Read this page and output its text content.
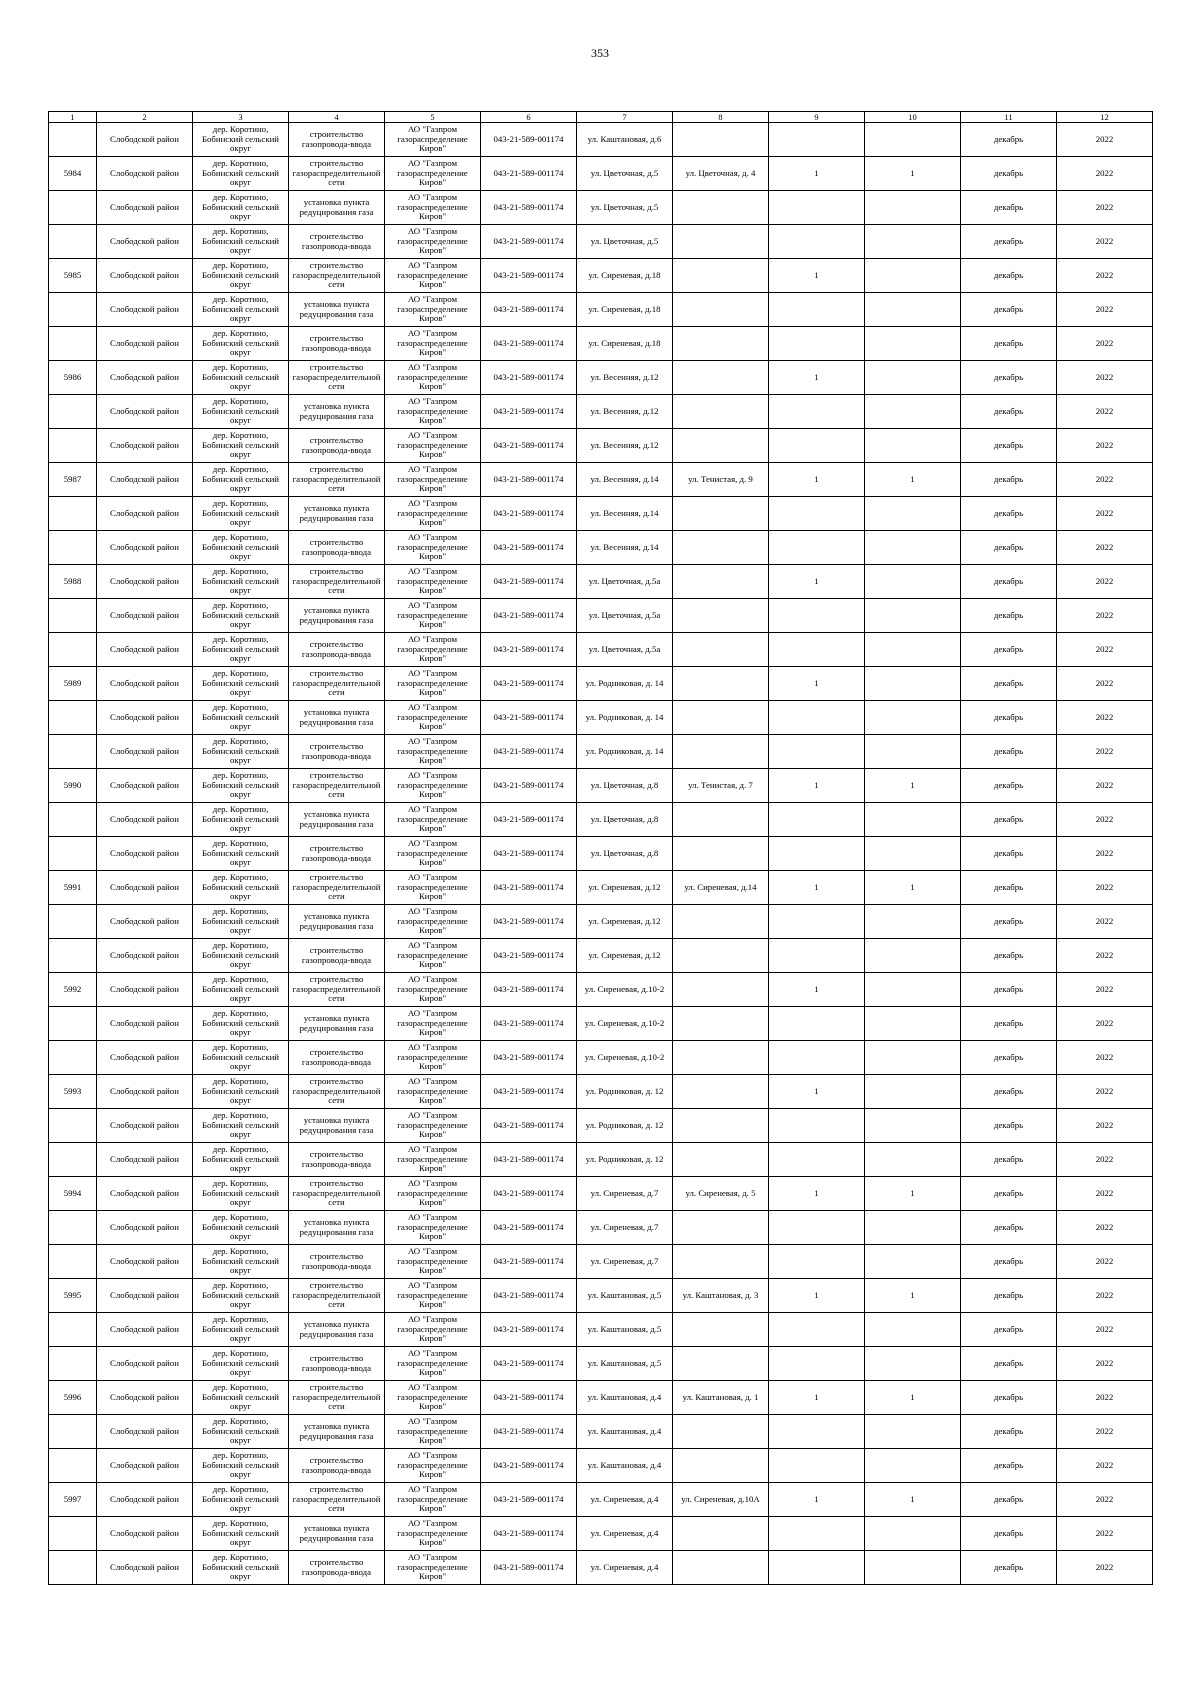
353
1	2	3	4	5	6	7	8	9	10	11	12

	Слободской район	дер. Коротино, Бобинский сельский округ	строительство газопровода-ввода	АО "Газпром газораспределение Киров"	043-21-589-001174	ул. Каштановая, д.6				декабрь	2022

5984	Слободской район	дер. Коротино, Бобинский сельский округ	строительство газораспределительной сети	АО "Газпром газораспределение Киров"	043-21-589-001174	ул. Цветочная, д.5	ул. Цветочная, д. 4	1	1	декабрь	2022

	Слободской район	дер. Коротино, Бобинский сельский округ	установка пункта редуцирования газа	АО "Газпром газораспределение Киров"	043-21-589-001174	ул. Цветочная, д.5				декабрь	2022

	Слободской район	дер. Коротино, Бобинский сельский округ	строительство газопровода-ввода	АО "Газпром газораспределение Киров"	043-21-589-001174	ул. Цветочная, д.5				декабрь	2022

5985	Слободской район	дер. Коротино, Бобинский сельский округ	строительство газораспределительной сети	АО "Газпром газораспределение Киров"	043-21-589-001174	ул. Сиреневая, д.18		1		декабрь	2022

	Слободской район	дер. Коротино, Бобинский сельский округ	установка пункта редуцирования газа	АО "Газпром газораспределение Киров"	043-21-589-001174	ул. Сиреневая, д.18				декабрь	2022

	Слободской район	дер. Коротино, Бобинский сельский округ	строительство газопровода-ввода	АО "Газпром газораспределение Киров"	043-21-589-001174	ул. Сиреневая, д.18				декабрь	2022

5986	Слободской район	дер. Коротино, Бобинский сельский округ	строительство газораспределительной сети	АО "Газпром газораспределение Киров"	043-21-589-001174	ул. Весенняя, д.12		1		декабрь	2022

	Слободской район	дер. Коротино, Бобинский сельский округ	установка пункта редуцирования газа	АО "Газпром газораспределение Киров"	043-21-589-001174	ул. Весенняя, д.12				декабрь	2022

	Слободской район	дер. Коротино, Бобинский сельский округ	строительство газопровода-ввода	АО "Газпром газораспределение Киров"	043-21-589-001174	ул. Весенняя, д.12				декабрь	2022

5987	Слободской район	дер. Коротино, Бобинский сельский округ	строительство газораспределительной сети	АО "Газпром газораспределение Киров"	043-21-589-001174	ул. Весенняя, д.14	ул. Тенистая, д. 9	1	1	декабрь	2022

	Слободской район	дер. Коротино, Бобинский сельский округ	установка пункта редуцирования газа	АО "Газпром газораспределение Киров"	043-21-589-001174	ул. Весенняя, д.14				декабрь	2022

	Слободской район	дер. Коротино, Бобинский сельский округ	строительство газопровода-ввода	АО "Газпром газораспределение Киров"	043-21-589-001174	ул. Весенняя, д.14				декабрь	2022

5988	Слободской район	дер. Коротино, Бобинский сельский округ	строительство газораспределительной сети	АО "Газпром газораспределение Киров"	043-21-589-001174	ул. Цветочная, д.5а		1		декабрь	2022

	Слободской район	дер. Коротино, Бобинский сельский округ	установка пункта редуцирования газа	АО "Газпром газораспределение Киров"	043-21-589-001174	ул. Цветочная, д.5а				декабрь	2022

	Слободской район	дер. Коротино, Бобинский сельский округ	строительство газопровода-ввода	АО "Газпром газораспределение Киров"	043-21-589-001174	ул. Цветочная, д.5а				декабрь	2022

5989	Слободской район	дер. Коротино, Бобинский сельский округ	строительство газораспределительной сети	АО "Газпром газораспределение Киров"	043-21-589-001174	ул. Родниковая, д. 14		1		декабрь	2022

	Слободской район	дер. Коротино, Бобинский сельский округ	установка пункта редуцирования газа	АО "Газпром газораспределение Киров"	043-21-589-001174	ул. Родниковая, д. 14				декабрь	2022

	Слободской район	дер. Коротино, Бобинский сельский округ	строительство газопровода-ввода	АО "Газпром газораспределение Киров"	043-21-589-001174	ул. Родниковая, д. 14				декабрь	2022

5990	Слободской район	дер. Коротино, Бобинский сельский округ	строительство газораспределительной сети	АО "Газпром газораспределение Киров"	043-21-589-001174	ул. Цветочная, д.8	ул. Тенистая, д. 7	1	1	декабрь	2022

	Слободской район	дер. Коротино, Бобинский сельский округ	установка пункта редуцирования газа	АО "Газпром газораспределение Киров"	043-21-589-001174	ул. Цветочная, д.8				декабрь	2022

	Слободской район	дер. Коротино, Бобинский сельский округ	строительство газопровода-ввода	АО "Газпром газораспределение Киров"	043-21-589-001174	ул. Цветочная, д.8				декабрь	2022

5991	Слободской район	дер. Коротино, Бобинский сельский округ	строительство газораспределительной сети	АО "Газпром газораспределение Киров"	043-21-589-001174	ул. Сиреневая, д.12	ул. Сиреневая, д.14	1	1	декабрь	2022

	Слободской район	дер. Коротино, Бобинский сельский округ	установка пункта редуцирования газа	АО "Газпром газораспределение Киров"	043-21-589-001174	ул. Сиреневая, д.12				декабрь	2022

	Слободской район	дер. Коротино, Бобинский сельский округ	строительство газопровода-ввода	АО "Газпром газораспределение Киров"	043-21-589-001174	ул. Сиреневая, д.12				декабрь	2022

5992	Слободской район	дер. Коротино, Бобинский сельский округ	строительство газораспределительной сети	АО "Газпром газораспределение Киров"	043-21-589-001174	ул. Сиреневая, д.10-2		1		декабрь	2022

	Слободской район	дер. Коротино, Бобинский сельский округ	установка пункта редуцирования газа	АО "Газпром газораспределение Киров"	043-21-589-001174	ул. Сиреневая, д.10-2				декабрь	2022

	Слободской район	дер. Коротино, Бобинский сельский округ	строительство газопровода-ввода	АО "Газпром газораспределение Киров"	043-21-589-001174	ул. Сиреневая, д.10-2				декабрь	2022

5993	Слободской район	дер. Коротино, Бобинский сельский округ	строительство газораспределительной сети	АО "Газпром газораспределение Киров"	043-21-589-001174	ул. Родниковая, д. 12		1		декабрь	2022

	Слободской район	дер. Коротино, Бобинский сельский округ	установка пункта редуцирования газа	АО "Газпром газораспределение Киров"	043-21-589-001174	ул. Родниковая, д. 12				декабрь	2022

	Слободской район	дер. Коротино, Бобинский сельский округ	строительство газопровода-ввода	АО "Газпром газораспределение Киров"	043-21-589-001174	ул. Родниковая, д. 12				декабрь	2022

5994	Слободской район	дер. Коротино, Бобинский сельский округ	строительство газораспределительной сети	АО "Газпром газораспределение Киров"	043-21-589-001174	ул. Сиреневая, д.7	ул. Сиреневая, д. 5	1	1	декабрь	2022

	Слободской район	дер. Коротино, Бобинский сельский округ	установка пункта редуцирования газа	АО "Газпром газораспределение Киров"	043-21-589-001174	ул. Сиреневая, д.7				декабрь	2022

	Слободской район	дер. Коротино, Бобинский сельский округ	строительство газопровода-ввода	АО "Газпром газораспределение Киров"	043-21-589-001174	ул. Сиреневая, д.7				декабрь	2022

5995	Слободской район	дер. Коротино, Бобинский сельский округ	строительство газораспределительной сети	АО "Газпром газораспределение Киров"	043-21-589-001174	ул. Каштановая, д.5	ул. Каштановая, д. 3	1	1	декабрь	2022

	Слободской район	дер. Коротино, Бобинский сельский округ	установка пункта редуцирования газа	АО "Газпром газораспределение Киров"	043-21-589-001174	ул. Каштановая, д.5				декабрь	2022

	Слободской район	дер. Коротино, Бобинский сельский округ	строительство газопровода-ввода	АО "Газпром газораспределение Киров"	043-21-589-001174	ул. Каштановая, д.5				декабрь	2022

5996	Слободской район	дер. Коротино, Бобинский сельский округ	строительство газораспределительной сети	АО "Газпром газораспределение Киров"	043-21-589-001174	ул. Каштановая, д.4	ул. Каштановая, д. 1	1	1	декабрь	2022

	Слободской район	дер. Коротино, Бобинский сельский округ	установка пункта редуцирования газа	АО "Газпром газораспределение Киров"	043-21-589-001174	ул. Каштановая, д.4				декабрь	2022

	Слободской район	дер. Коротино, Бобинский сельский округ	строительство газопровода-ввода	АО "Газпром газораспределение Киров"	043-21-589-001174	ул. Каштановая, д.4				декабрь	2022

5997	Слободской район	дер. Коротино, Бобинский сельский округ	строительство газораспределительной сети	АО "Газпром газораспределение Киров"	043-21-589-001174	ул. Сиреневая, д.4	ул. Сиреневая, д.10А	1	1	декабрь	2022

	Слободской район	дер. Коротино, Бобинский сельский округ	установка пункта редуцирования газа	АО "Газпром газораспределение Киров"	043-21-589-001174	ул. Сиреневая, д.4				декабрь	2022

	Слободской район	дер. Коротино, Бобинский сельский округ	строительство газопровода-ввода	АО "Газпром газораспределение Киров"	043-21-589-001174	ул. Сиреневая, д.4				декабрь	2022
